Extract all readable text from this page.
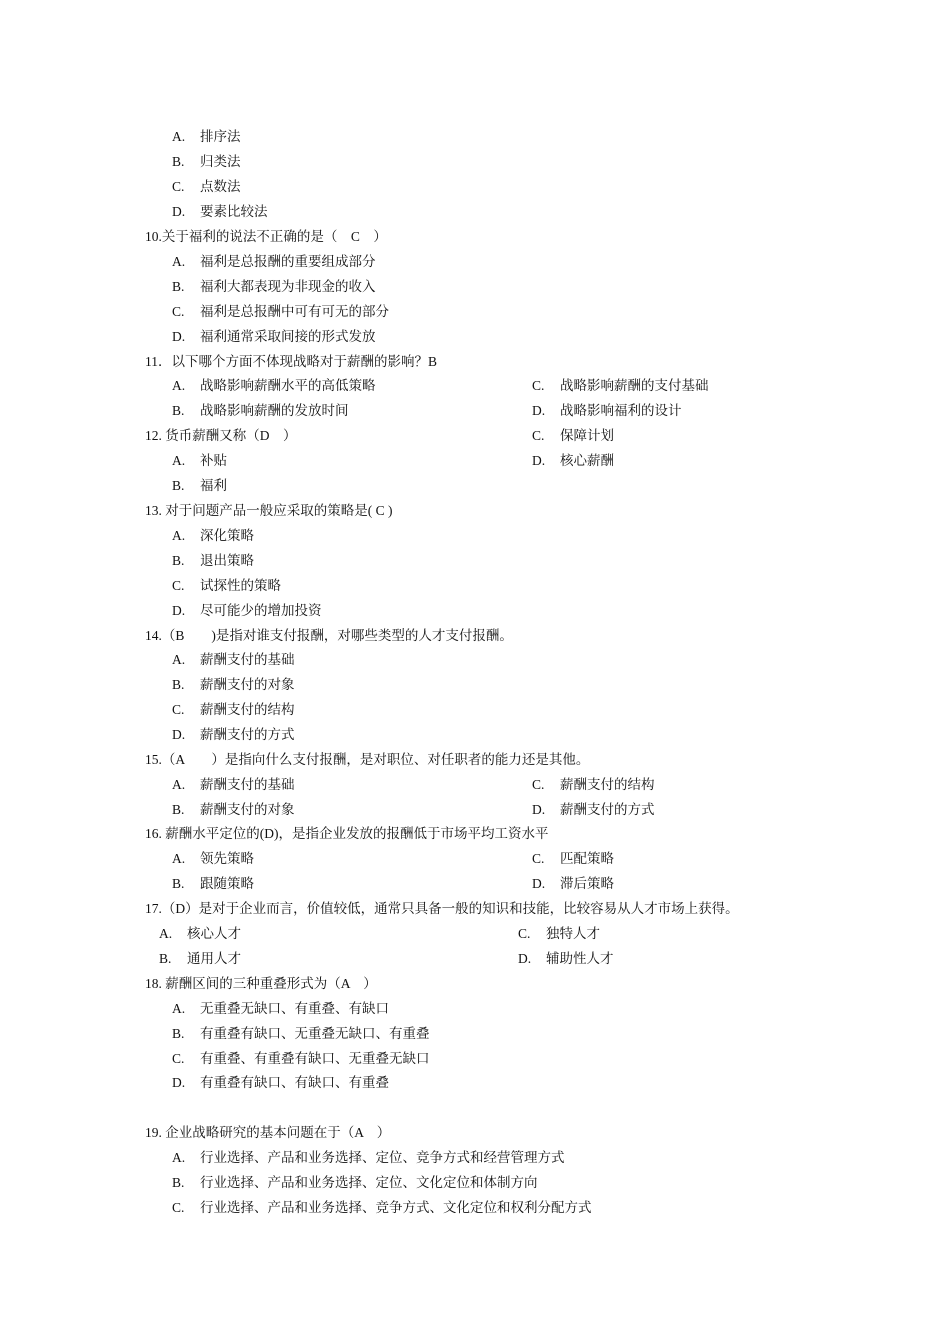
A. 排序法
B. 归类法
C. 点数法
D. 要素比较法
10.关于福利的说法不正确的是（　C　）
A. 福利是总报酬的重要组成部分
B. 福利大都表现为非现金的收入
C. 福利是总报酬中可有可无的部分
D. 福利通常采取间接的形式发放
11．以下哪个方面不体现战略对于薪酬的影响？B
A. 战略影响薪酬水平的高低策略	C. 战略影响薪酬的支付基础
B. 战略影响薪酬的发放时间	D. 战略影响福利的设计
12. 货币薪酬又称（D　）	C. 保障计划
A. 补贴	D. 核心薪酬
B. 福利
13. 对于问题产品一般应采取的策略是( C )
A. 深化策略
B. 退出策略
C. 试探性的策略
D. 尽可能少的增加投资
14.（B　　)是指对谁支付报酬，对哪些类型的人才支付报酬。
A. 薪酬支付的基础
B. 薪酬支付的对象
C. 薪酬支付的结构
D. 薪酬支付的方式
15.（A　　）是指向什么支付报酬，是对职位、对任职者的能力还是其他。
A. 薪酬支付的基础	C. 薪酬支付的结构
B. 薪酬支付的对象	D. 薪酬支付的方式
16. 薪酬水平定位的(D)，是指企业发放的报酬低于市场平均工资水平
A. 领先策略	C. 匹配策略
B. 跟随策略	D. 滞后策略
17.（D）是对于企业而言，价值较低，通常只具备一般的知识和技能，比较容易从人才市场上获得。
A. 核心人才	C. 独特人才
B. 通用人才	D. 辅助性人才
18. 薪酬区间的三种重叠形式为（A　）
A. 无重叠无缺口、有重叠、有缺口
B. 有重叠有缺口、无重叠无缺口、有重叠
C. 有重叠、有重叠有缺口、无重叠无缺口
D. 有重叠有缺口、有缺口、有重叠
19. 企业战略研究的基本问题在于（A　）
A. 行业选择、产品和业务选择、定位、竞争方式和经营管理方式
B. 行业选择、产品和业务选择、定位、文化定位和体制方向
C. 行业选择、产品和业务选择、竞争方式、文化定位和权利分配方式
